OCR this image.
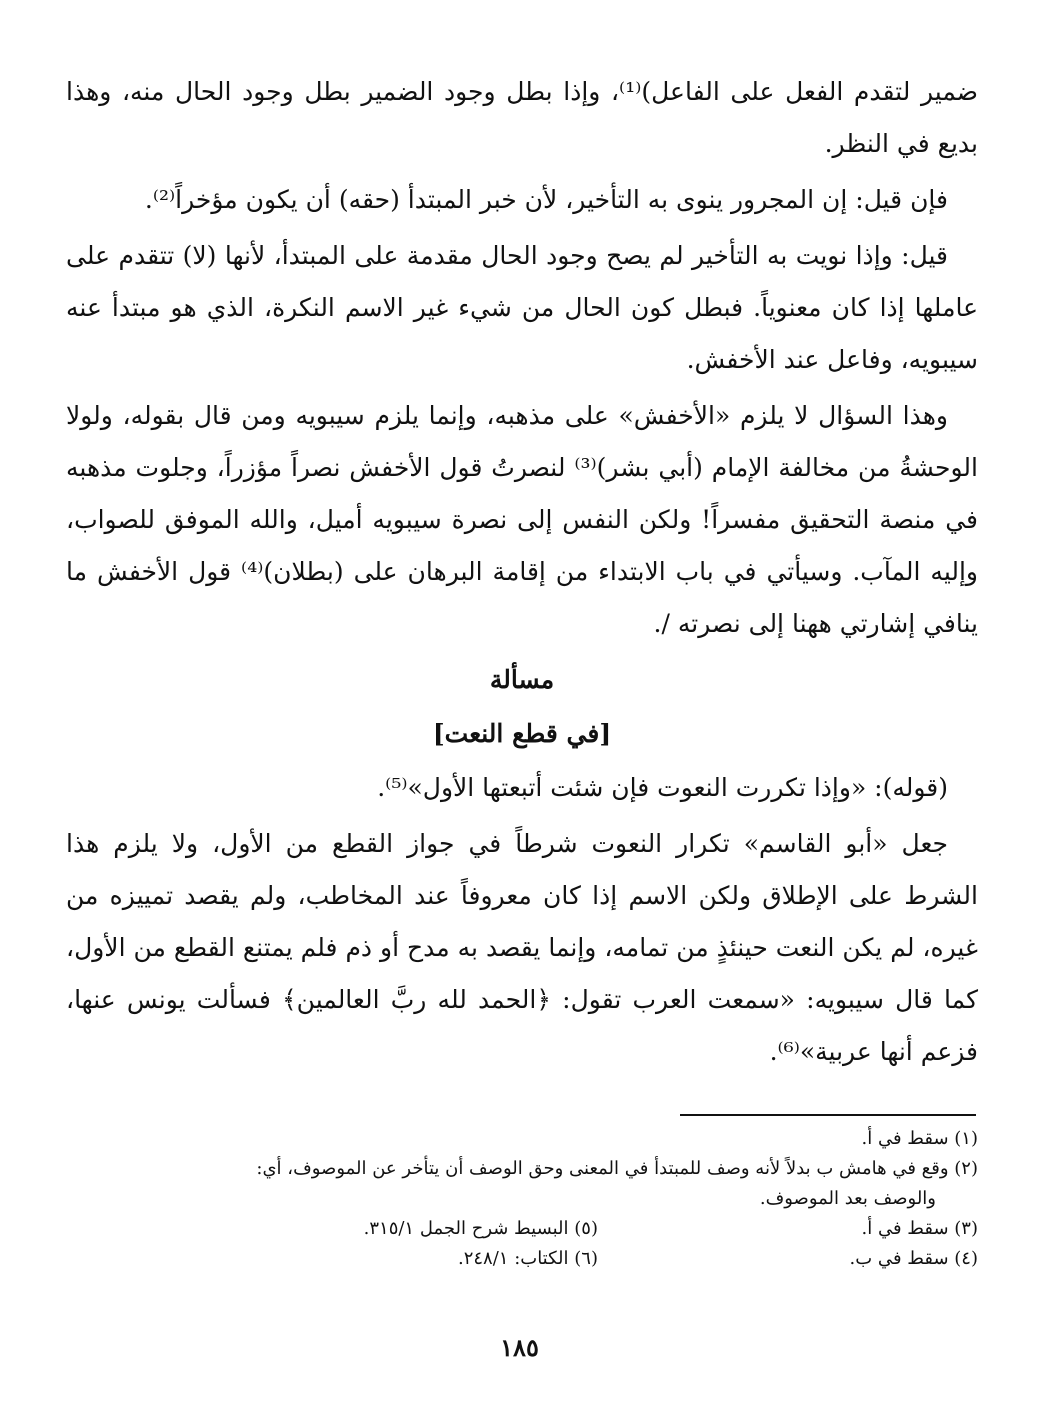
ضمير لتقدم الفعل على الفاعل)⁽¹⁾، وإذا بطل وجود الضمير بطل وجود الحال منه، وهذا بديع في النظر.

فإن قيل: إن المجرور ينوى به التأخير، لأن خبر المبتدأ (حقه) أن يكون مؤخراً⁽²⁾.

قيل: وإذا نويت به التأخير لم يصح وجود الحال مقدمة على المبتدأ، لأنها (لا) تتقدم على عاملها إذا كان معنوياً. فبطل كون الحال من شيء غير الاسم النكرة، الذي هو مبتدأ عنه سيبويه، وفاعل عند الأخفش.

وهذا السؤال لا يلزم «الأخفش» على مذهبه، وإنما يلزم سيبويه ومن قال بقوله، ولولا الوحشةُ من مخالفة الإمام (أبي بشر)⁽³⁾ لنصرتُ قول الأخفش نصراً مؤزراً، وجلوت مذهبه في منصة التحقيق مفسراً! ولكن النفس إلى نصرة سيبويه أميل، والله الموفق للصواب، وإليه المآب. وسيأتي في باب الابتداء من إقامة البرهان على (بطلان)⁽⁴⁾ قول الأخفش ما ينافي إشارتي ههنا إلى نصرته /.

مسألة

[في قطع النعت]

(قوله): «وإذا تكررت النعوت فإن شئت أتبعتها الأول»⁽⁵⁾.

جعل «أبو القاسم» تكرار النعوت شرطاً في جواز القطع من الأول، ولا يلزم هذا الشرط على الإطلاق ولكن الاسم إذا كان معروفاً عند المخاطب، ولم يقصد تمييزه من غيره، لم يكن النعت حينئذٍ من تمامه، وإنما يقصد به مدح أو ذم فلم يمتنع القطع من الأول، كما قال سيبويه: «سمعت العرب تقول: ﴿الحمد لله ربَّ العالمين﴾ فسألت يونس عنها، فزعم أنها عربية»⁽⁶⁾.

(١) سقط في أ.

(٢) وقع في هامش ب بدلاً لأنه وصف للمبتدأ في المعنى وحق الوصف أن يتأخر عن الموصوف، أي:

والوصف بعد الموصوف.

(٣) سقط في أ.

(٥) البسيط شرح الجمل ٣١٥/١.

(٤) سقط في ب.

(٦) الكتاب: ٢٤٨/١.

١٨٥
